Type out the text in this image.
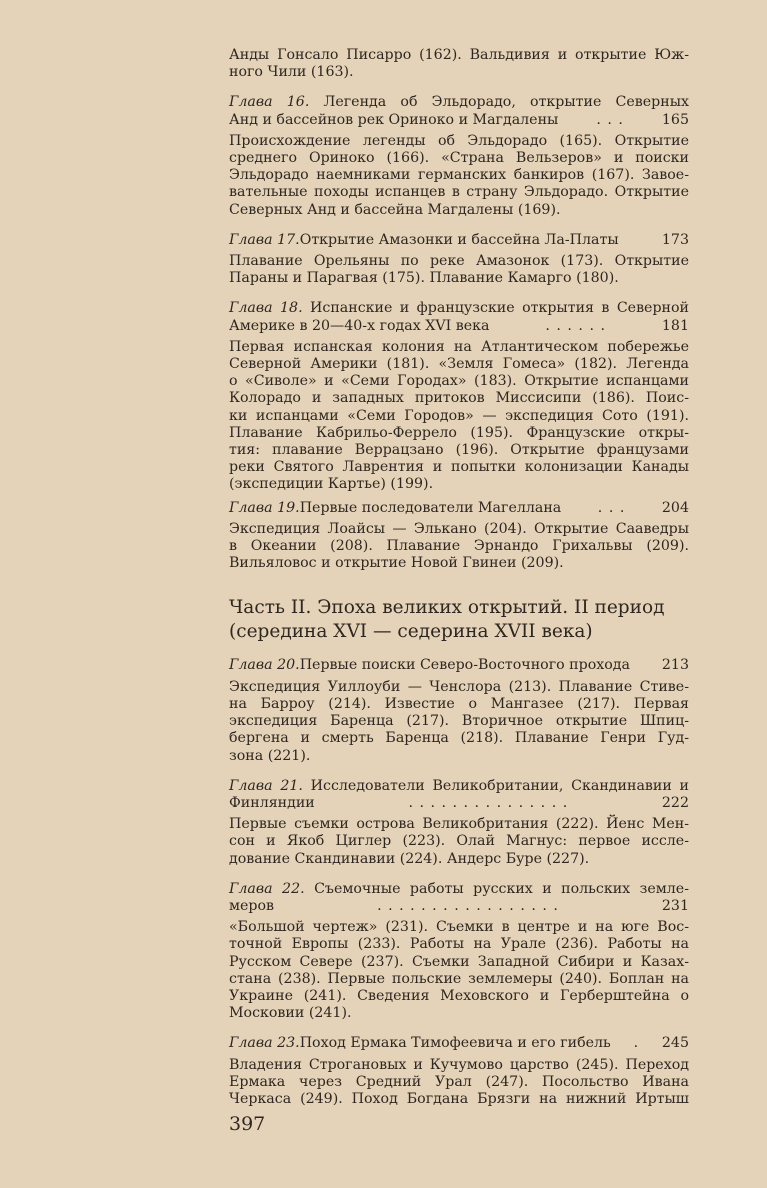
Анды Гонсало Писарро (162). Вальдивия и открытие Юж-
ного Чили (163).
Глава 16. Легенда об Эльдорадо, открытие Северных
Анд и бассейнов рек Ориноко и Магдалены	. . .	165
Происхождение легенды об Эльдорадо (165). Открытие
среднего Ориноко (166). «Страна Вельзеров» и поиски
Эльдорадо наемниками германских банкиров (167). Завое-
вательные походы испанцев в страну Эльдорадо. Открытие
Северных Анд и бассейна Магдалены (169).
Глава 17. Открытие Амазонки и бассейна Ла-Платы	173
Плавание Орельяны по реке Амазонок (173). Открытие
Параны и Парагвая (175). Плавание Камарго (180).
Глава 18. Испанские и французские открытия в Северной
Америке в 20—40-х годах XVI века	. . . . . .	181
Первая испанская колония на Атлантическом побережье
Северной Америки (181). «Земля Гомеса» (182). Легенда
о «Сиволе» и «Семи Городах» (183). Открытие испанцами
Колорадо и западных притоков Миссисипи (186). Поис-
ки испанцами «Семи Городов» — экспедиция Сото (191).
Плавание Кабрильо-Феррело (195). Французские откры-
тия: плавание Веррацзано (196). Открытие французами
реки Святого Лаврентия и попытки колонизации Канады
(экспедиции Картье) (199).
Глава 19. Первые последователи Магеллана	. . .	204
Экспедиция Лоайсы — Элькано (204). Открытие Сааведры
в Океании (208). Плавание Эрнандо Грихальвы (209).
Вильяловос и открытие Новой Гвинеи (209).
Часть II. Эпоха великих открытий. II период
(середина XVI — седерина XVII века)
Глава 20. Первые поиски Северо-Восточного прохода 213
Экспедиция Уиллоуби — Ченслора (213). Плавание Стиве-
на Барроу (214). Известие о Мангазее (217). Первая
экспедиция Баренца (217). Вторичное открытие Шпиц-
бергена и смерть Баренца (218). Плавание Генри Гуд-
зона (221).
Глава 21. Исследователи Великобритании, Скандинавии и
Финляндии	. . . . . . . . . . . . . . .	222
Первые съемки острова Великобритания (222). Йенс Мен-
сон и Якоб Циглер (223). Олай Магнус: первое иссле-
дование Скандинавии (224). Андерс Буре (227).
Глава 22. Съемочные работы русских и польских земле-
меров	. . . . . . . . . . . . . . . . .	231
«Большой чертеж» (231). Съемки в центре и на юге Вос-
точной Европы (233). Работы на Урале (236). Работы на
Русском Севере (237). Съемки Западной Сибири и Казах-
стана (238). Первые польские землемеры (240). Боплан на
Украине (241). Сведения Меховского и Герберштейна о
Московии (241).
Глава 23. Поход Ермака Тимофеевича и его гибель	.	245
Владения Строгановых и Кучумово царство (245). Переход
Ермака через Средний Урал (247). Посольство Ивана
Черкаса (249). Поход Богдана Брязги на нижний Иртыш
397
